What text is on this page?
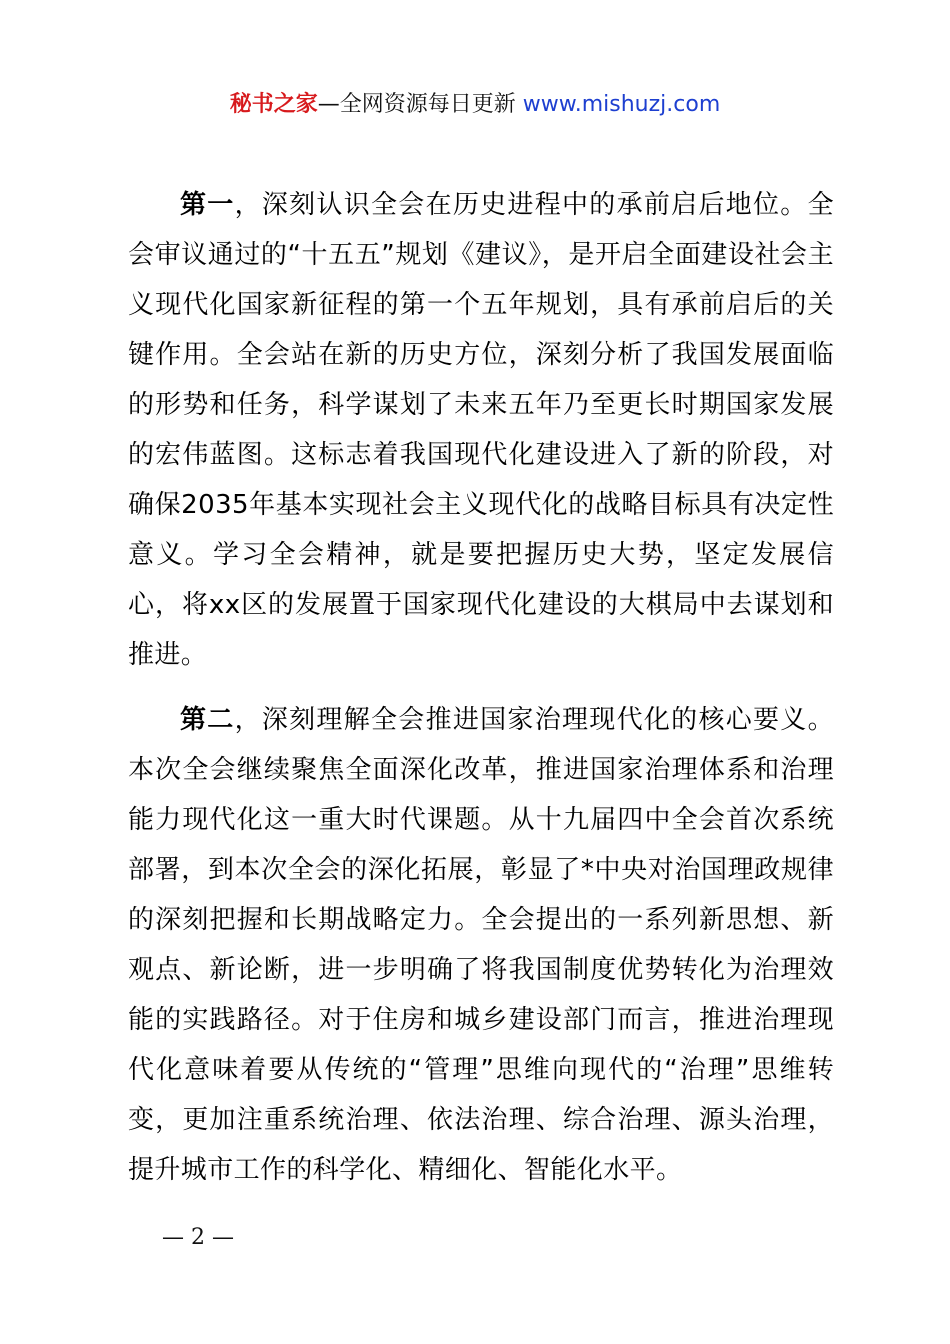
秘书之家—全网资源每日更新 www.mishuzj.com

第一，深刻认识全会在历史进程中的承前启后地位。全会审议通过的“十五五”规划《建议》，是开启全面建设社会主义现代化国家新征程的第一个五年规划，具有承前启后的关键作用。全会站在新的历史方位，深刻分析了我国发展面临的形势和任务，科学谋划了未来五年乃至更长时期国家发展的宏伟蓝图。这标志着我国现代化建设进入了新的阶段，对确保2035年基本实现社会主义现代化的战略目标具有决定性意义。学习全会精神，就是要把握历史大势，坚定发展信心，将xx区的发展置于国家现代化建设的大棋局中去谋划和推进。

第二，深刻理解全会推进国家治理现代化的核心要义。本次全会继续聚焦全面深化改革，推进国家治理体系和治理能力现代化这一重大时代课题。从十九届四中全会首次系统部署，到本次全会的深化拓展，彰显了*中央对治国理政规律的深刻把握和长期战略定力。全会提出的一系列新思想、新观点、新论断，进一步明确了将我国制度优势转化为治理效能的实践路径。对于住房和城乡建设部门而言，推进治理现代化意味着要从传统的“管理”思维向现代的“治理”思维转变，更加注重系统治理、依法治理、综合治理、源头治理，提升城市工作的科学化、精细化、智能化水平。

— 2 —
